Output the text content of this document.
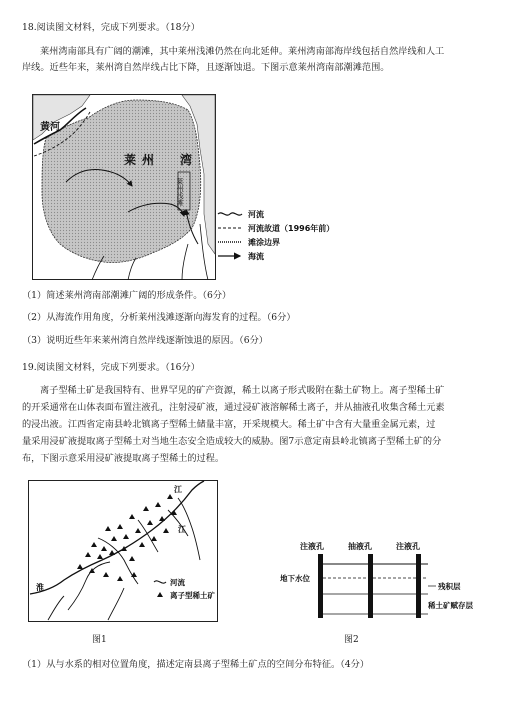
18.阅读图文材料，完成下列要求。（18分）
莱州湾南部具有广阔的潮滩，其中莱州浅滩仍然在向北延伸。莱州湾南部海岸线包括自然岸线和人工
岸线。近些年来，莱州湾自然岸线占比下降，且逐渐蚀退。下图示意莱州湾南部潮滩范围。
黄河
莱州 湾
莱州浅滩
河流
河流故道（1996年前）
滩涂边界
海流
（1）简述莱州湾南部潮滩广阔的形成条件。（6分）
（2）从海流作用角度，分析莱州浅滩逐渐向海发育的过程。（6分）
（3）说明近些年来莱州湾自然岸线逐渐蚀退的原因。（6分）
19.阅读图文材料，完成下列要求。（16分）
离子型稀土矿是我国特有、世界罕见的矿产资源，稀土以离子形式吸附在黏土矿物上。离子型稀土矿
的开采通常在山体表面布置注液孔，注射浸矿液，通过浸矿液溶解稀土离子，并从抽液孔收集含稀土元素
的浸出液。江西省定南县岭北镇离子型稀土储量丰富，开采规模大。稀土矿中含有大量重金属元素，过
量采用浸矿液提取离子型稀土对当地生态安全造成较大的威胁。图7示意定南县岭北镇离子型稀土矿的分
布，下图示意采用浸矿液提取离子型稀土的过程。
江
江
淮
河流
离子型稀土矿
注液孔	抽液孔	注液孔
地下水位
残积层
稀土矿赋存层
图1	图2
（1）从与水系的相对位置角度，描述定南县离子型稀土矿点的空间分布特征。（4分）
